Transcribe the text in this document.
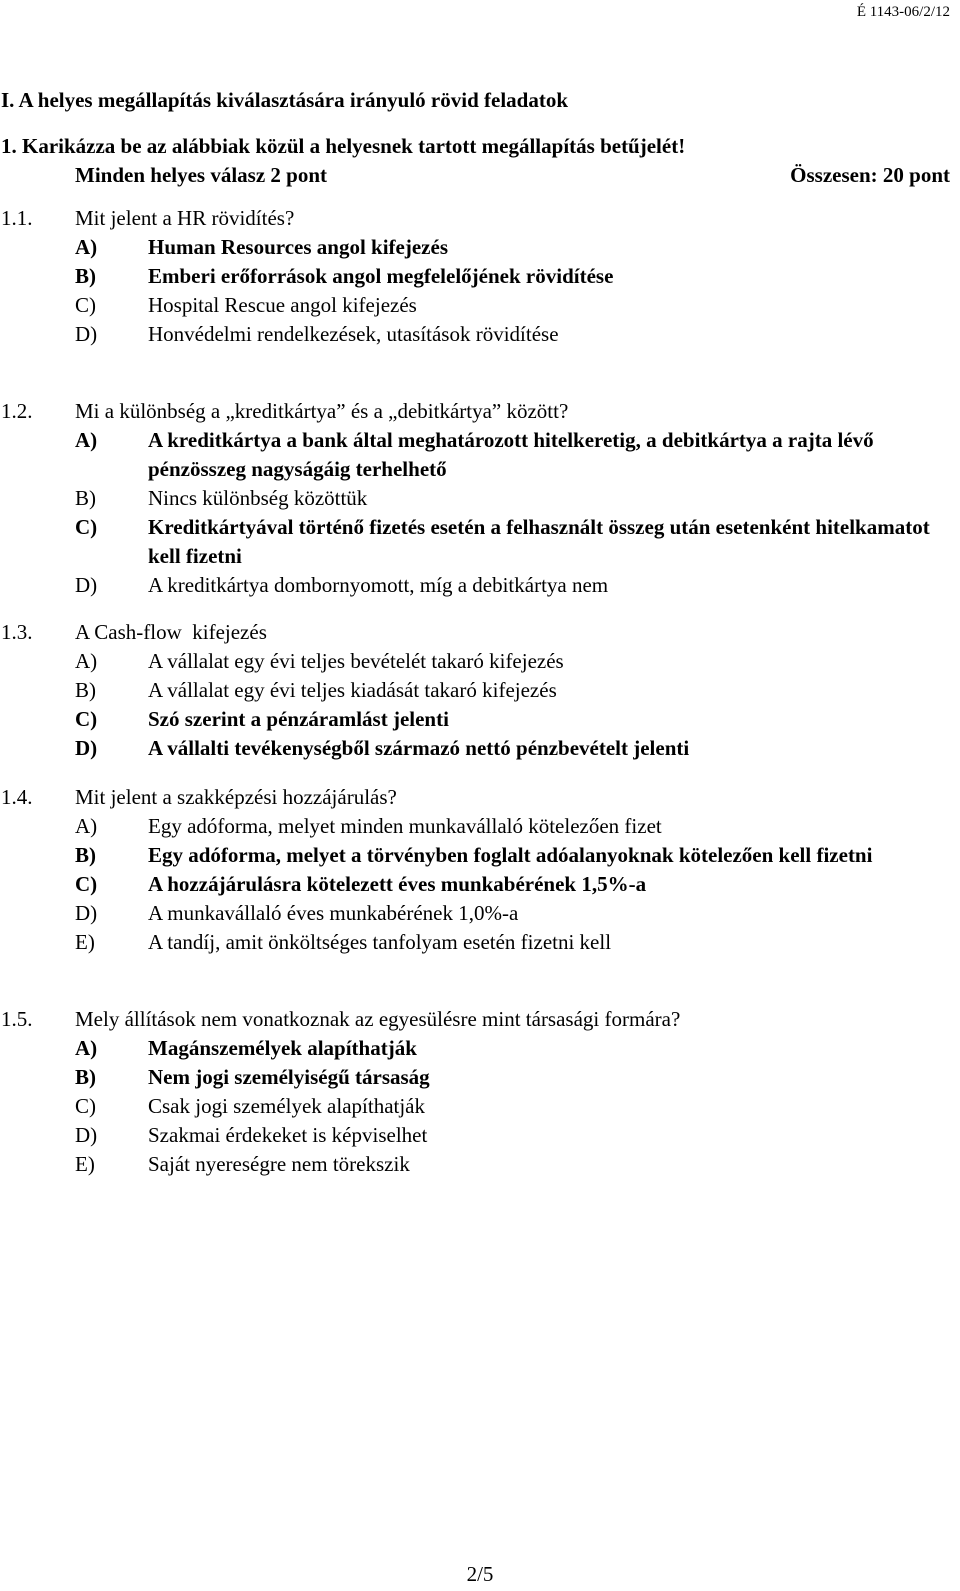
É 1143-06/2/12
I. A helyes megállapítás kiválasztására irányuló rövid feladatok
1. Karikázza be az alábbiak közül a helyesnek tartott megállapítás betűjelét!
Minden helyes válasz 2 pont	Összesen: 20 pont
1.1.	Mit jelent a HR rövidítés?
A)	Human Resources angol kifejezés
B)	Emberi erőforrások angol megfelelőjének rövidítése
C)	Hospital Rescue angol kifejezés
D)	Honvédelmi rendelkezések, utasítások rövidítése
1.2.	Mi a különbség a „kreditkártya” és a „debitkártya” között?
A)	A kreditkártya a bank által meghatározott hitelkeretig, a debitkártya a rajta lévő pénzösszeg nagyságáig terhelhető
B)	Nincs különbség közöttük
C)	Kreditkártyával történő fizetés esetén a felhasznált összeg után esetenként hitelkamatot kell fizetni
D)	A kreditkártya dombornyomott, míg a debitkártya nem
1.3.	A Cash-flow  kifejezés
A)	A vállalat egy évi teljes bevételét takaró kifejezés
B)	A vállalat egy évi teljes kiadását takaró kifejezés
C)	Szó szerint a pénzáramlást jelenti
D)	A vállalti tevékenységből származó nettó pénzbevételt jelenti
1.4.	Mit jelent a szakképzési hozzájárulás?
A)	Egy adóforma, melyet minden munkavállaló kötelezően fizet
B)	Egy adóforma, melyet a törvényben foglalt adóalanyoknak kötelezően kell fizetni
C)	A hozzájárulásra kötelezett éves munkabérének 1,5%-a
D)	A munkavállaló éves munkabérének 1,0%-a
E)	A tandíj, amit önköltséges tanfolyam esetén fizetni kell
1.5.	Mely állítások nem vonatkoznak az egyesülésre mint társasági formára?
A)	Magánszemélyek alapíthatják
B)	Nem jogi személyiségű társaság
C)	Csak jogi személyek alapíthatják
D)	Szakmai érdekeket is képviselhet
E)	Saját nyereségre nem törekszik
2/5
